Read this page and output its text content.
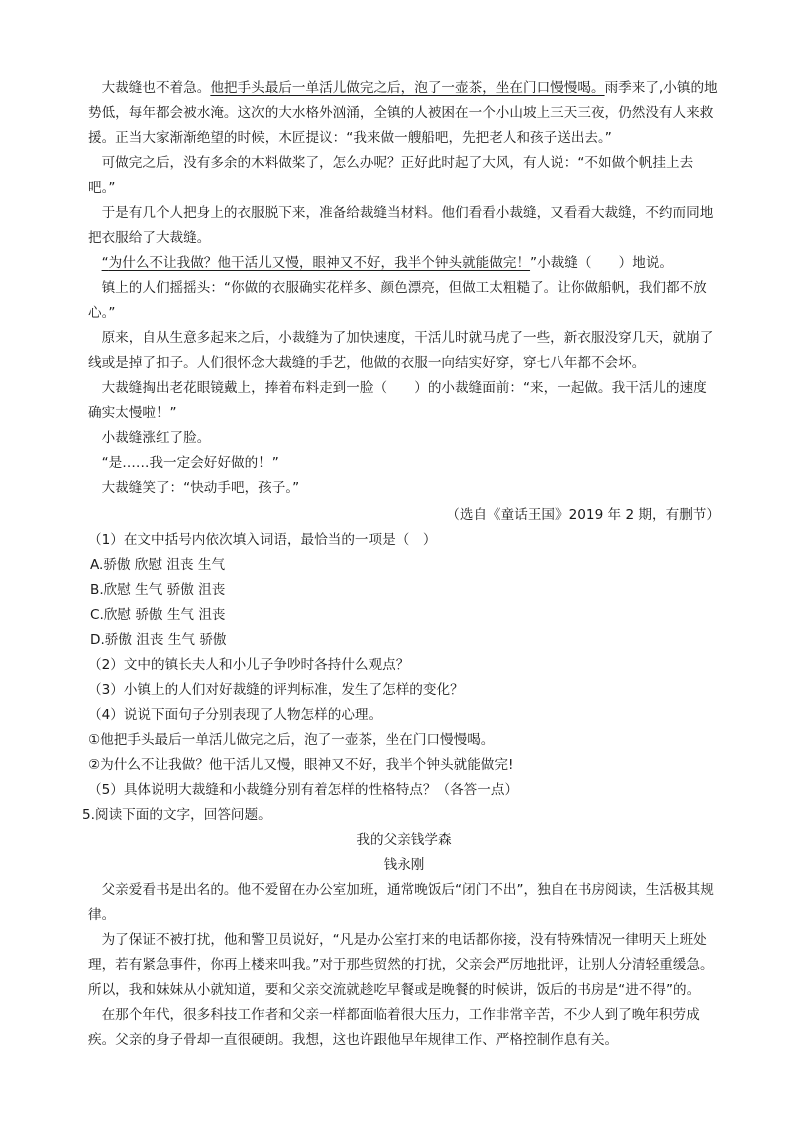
大裁缝也不着急。他把手头最后一单活儿做完之后，泡了一壶茶，坐在门口慢慢喝。雨季来了,小镇的地势低，每年都会被水淹。这次的大水格外汹涌，全镇的人被困在一个小山坡上三天三夜，仍然没有人来救援。正当大家渐渐绝望的时候，木匠提议：“我来做一艘船吧，先把老人和孩子送出去。”

可做完之后，没有多余的木料做桨了，怎么办呢？正好此时起了大风，有人说：“不如做个帆挂上去吧。”

于是有几个人把身上的衣服脱下来，准备给裁缝当材料。他们看看小裁缝，又看看大裁缝，不约而同地把衣服给了大裁缝。

“为什么不让我做？他干活儿又慢，眼神又不好，我半个钟头就能做完！”小裁缝（　　）地说。

镇上的人们摇摇头：“你做的衣服确实花样多、颜色漂亮，但做工太粗糙了。让你做船帆，我们都不放心。”

原来，自从生意多起来之后，小裁缝为了加快速度，干活儿时就马虎了一些，新衣服没穿几天，就崩了线或是掉了扣子。人们很怀念大裁缝的手艺，他做的衣服一向结实好穿，穿七八年都不会坏。

大裁缝掏出老花眼镜戴上，捧着布料走到一脸（　　）的小裁缝面前：“来，一起做。我干活儿的速度确实太慢啦！”

小裁缝涨红了脸。

“是……我一定会好好做的！”

大裁缝笑了：“快动手吧，孩子。”

（选自《童话王国》2019 年 2 期，有删节）

（1）在文中括号内依次填入词语，最恰当的一项是（　）

A.骄傲 欣慰 沮丧 生气

B.欣慰 生气 骄傲 沮丧

C.欣慰 骄傲 生气 沮丧

D.骄傲 沮丧 生气 骄傲

（2）文中的镇长夫人和小儿子争吵时各持什么观点？

（3）小镇上的人们对好裁缝的评判标准，发生了怎样的变化？

（4）说说下面句子分别表现了人物怎样的心理。

①他把手头最后一单活儿做完之后，泡了一壶茶，坐在门口慢慢喝。

②为什么不让我做？他干活儿又慢，眼神又不好，我半个钟头就能做完!

（5）具体说明大裁缝和小裁缝分别有着怎样的性格特点？（各答一点）

5.阅读下面的文字，回答问题。

我的父亲钱学森

钱永刚

父亲爱看书是出名的。他不爱留在办公室加班，通常晚饭后“闭门不出”，独自在书房阅读，生活极其规律。

为了保证不被打扰，他和警卫员说好，“凡是办公室打来的电话都你接，没有特殊情况一律明天上班处理，若有紧急事件，你再上楼来叫我。”对于那些贸然的打扰，父亲会严厉地批评，让别人分清轻重缓急。所以，我和妹妹从小就知道，要和父亲交流就趁吃早餐或是晚餐的时候讲，饭后的书房是“进不得”的。

在那个年代，很多科技工作者和父亲一样都面临着很大压力，工作非常辛苦，不少人到了晚年积劳成疾。父亲的身子骨却一直很硬朗。我想，这也许跟他早年规律工作、严格控制作息有关。
